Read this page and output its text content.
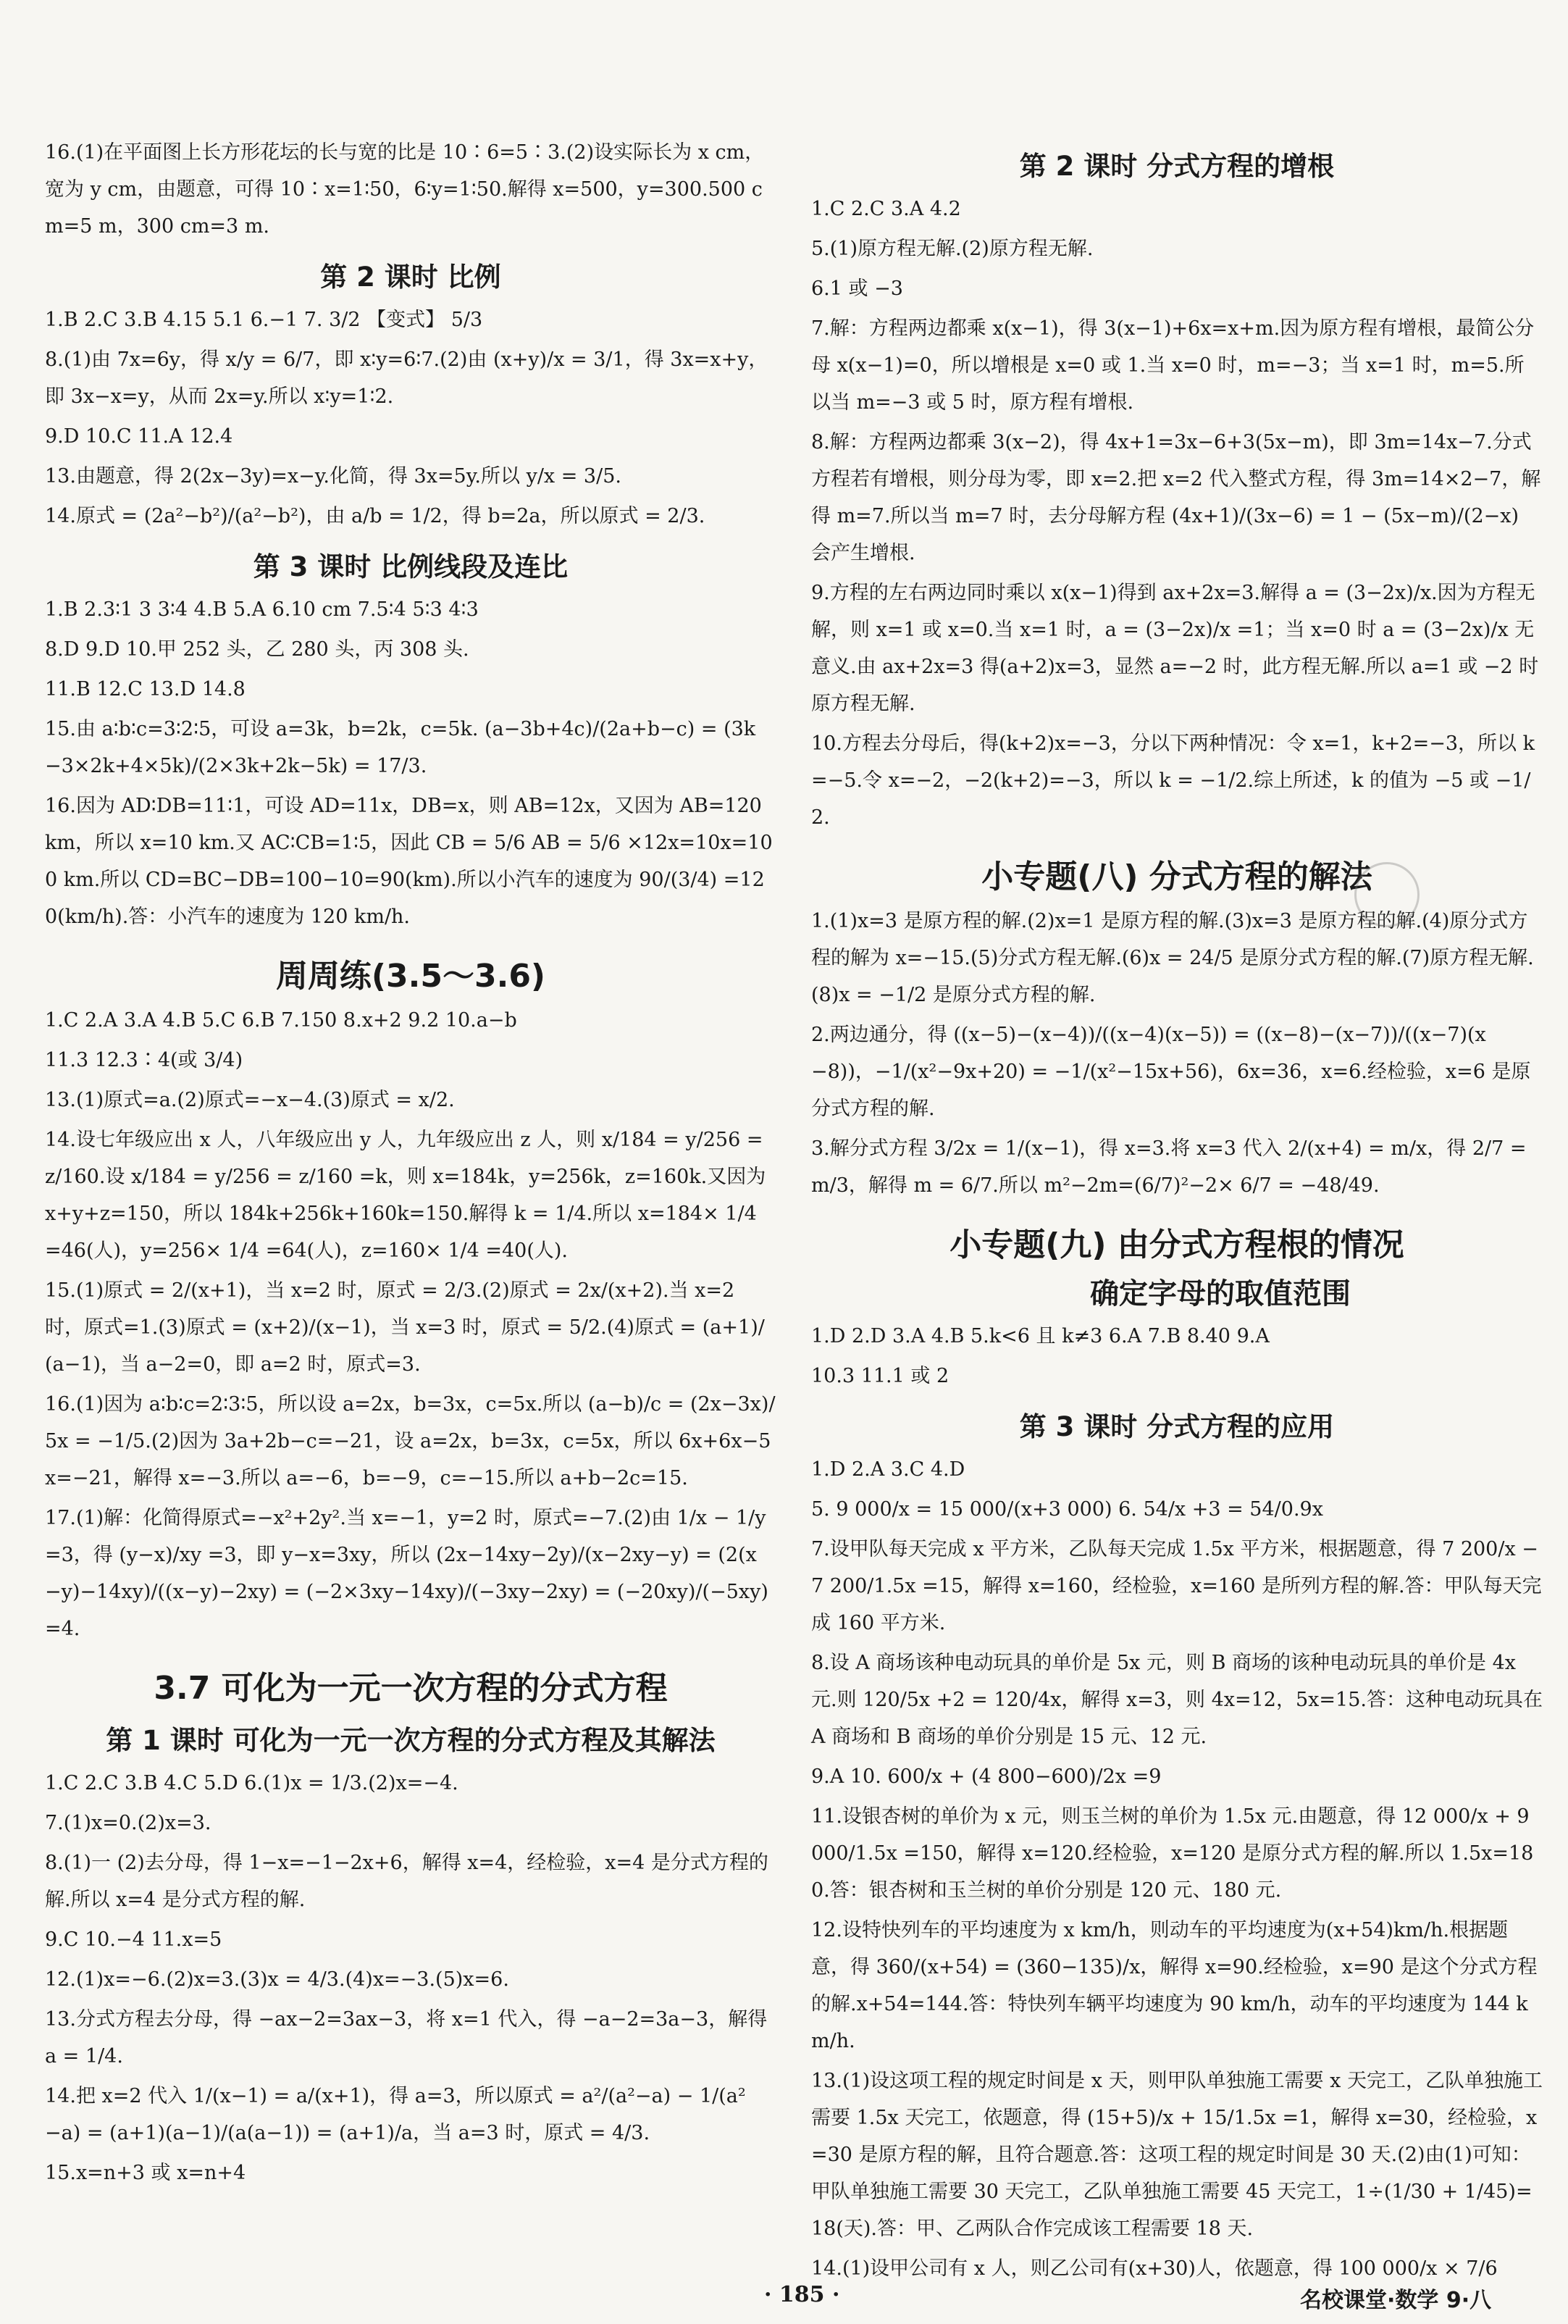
16.(1)在平面图上长方形花坛的长与宽的比是 10∶6=5∶3.(2)设实际长为 x cm，宽为 y cm，由题意，可得 10∶x=1∶50，6∶y=1∶50.解得 x=500，y=300.500 cm=5 m，300 cm=3 m.
第 2 课时 比例
1.B 2.C 3.B 4.15 5.1 6.−1 7. 3/2 【变式】 5/3
8.(1)由 7x=6y，得 x/y = 6/7，即 x∶y=6∶7.(2)由 (x+y)/x = 3/1，得 3x=x+y，即 3x−x=y，从而 2x=y.所以 x∶y=1∶2.
9.D 10.C 11.A 12.4
13.由题意，得 2(2x−3y)=x−y.化简，得 3x=5y.所以 y/x = 3/5.
14.原式 = (2a²−b²)/(a²−b²)，由 a/b = 1/2，得 b=2a，所以原式 = 2/3.
第 3 课时 比例线段及连比
1.B 2.3∶1 3 3∶4 4.B 5.A 6.10 cm 7.5∶4 5∶3 4∶3
8.D 9.D 10.甲 252 头，乙 280 头，丙 308 头.
11.B 12.C 13.D 14.8
15.由 a∶b∶c=3∶2∶5，可设 a=3k，b=2k，c=5k. (a−3b+4c)/(2a+b−c) = (3k−3×2k+4×5k)/(2×3k+2k−5k) = 17/3.
16.因为 AD∶DB=11∶1，可设 AD=11x，DB=x，则 AB=12x，又因为 AB=120 km，所以 x=10 km.又 AC∶CB=1∶5，因此 CB = 5/6 AB = 5/6 ×12x=10x=100 km.所以 CD=BC−DB=100−10=90(km).所以小汽车的速度为 90/(3/4) =120(km/h).答：小汽车的速度为 120 km/h.
周周练(3.5～3.6)
1.C 2.A 3.A 4.B 5.C 6.B 7.150 8.x+2 9.2 10.a−b
11.3 12.3∶4(或 3/4)
13.(1)原式=a.(2)原式=−x−4.(3)原式 = x/2.
14.设七年级应出 x 人，八年级应出 y 人，九年级应出 z 人，则 x/184 = y/256 = z/160.设 x/184 = y/256 = z/160 =k，则 x=184k，y=256k，z=160k.又因为 x+y+z=150，所以 184k+256k+160k=150.解得 k = 1/4.所以 x=184× 1/4 =46(人)，y=256× 1/4 =64(人)，z=160× 1/4 =40(人).
15.(1)原式 = 2/(x+1)，当 x=2 时，原式 = 2/3.(2)原式 = 2x/(x+2).当 x=2 时，原式=1.(3)原式 = (x+2)/(x−1)，当 x=3 时，原式 = 5/2.(4)原式 = (a+1)/(a−1)，当 a−2=0，即 a=2 时，原式=3.
16.(1)因为 a∶b∶c=2∶3∶5，所以设 a=2x，b=3x，c=5x.所以 (a−b)/c = (2x−3x)/5x = −1/5.(2)因为 3a+2b−c=−21，设 a=2x，b=3x，c=5x，所以 6x+6x−5x=−21，解得 x=−3.所以 a=−6，b=−9，c=−15.所以 a+b−2c=15.
17.(1)解：化简得原式=−x²+2y².当 x=−1，y=2 时，原式=−7.(2)由 1/x − 1/y =3，得 (y−x)/xy =3，即 y−x=3xy，所以 (2x−14xy−2y)/(x−2xy−y) = (2(x−y)−14xy)/((x−y)−2xy) = (−2×3xy−14xy)/(−3xy−2xy) = (−20xy)/(−5xy) =4.
3.7 可化为一元一次方程的分式方程
第 1 课时 可化为一元一次方程的分式方程及其解法
1.C 2.C 3.B 4.C 5.D 6.(1)x = 1/3.(2)x=−4.
7.(1)x=0.(2)x=3.
8.(1)一 (2)去分母，得 1−x=−1−2x+6，解得 x=4，经检验，x=4 是分式方程的解.所以 x=4 是分式方程的解.
9.C 10.−4 11.x=5
12.(1)x=−6.(2)x=3.(3)x = 4/3.(4)x=−3.(5)x=6.
13.分式方程去分母，得 −ax−2=3ax−3，将 x=1 代入，得 −a−2=3a−3，解得 a = 1/4.
14.把 x=2 代入 1/(x−1) = a/(x+1)，得 a=3，所以原式 = a²/(a²−a) − 1/(a²−a) = (a+1)(a−1)/(a(a−1)) = (a+1)/a，当 a=3 时，原式 = 4/3.
15.x=n+3 或 x=n+4
第 2 课时 分式方程的增根
1.C 2.C 3.A 4.2
5.(1)原方程无解.(2)原方程无解.
6.1 或 −3
7.解：方程两边都乘 x(x−1)，得 3(x−1)+6x=x+m.因为原方程有增根，最简公分母 x(x−1)=0，所以增根是 x=0 或 1.当 x=0 时，m=−3；当 x=1 时，m=5.所以当 m=−3 或 5 时，原方程有增根.
8.解：方程两边都乘 3(x−2)，得 4x+1=3x−6+3(5x−m)，即 3m=14x−7.分式方程若有增根，则分母为零，即 x=2.把 x=2 代入整式方程，得 3m=14×2−7，解得 m=7.所以当 m=7 时，去分母解方程 (4x+1)/(3x−6) = 1 − (5x−m)/(2−x) 会产生增根.
9.方程的左右两边同时乘以 x(x−1)得到 ax+2x=3.解得 a = (3−2x)/x.因为方程无解，则 x=1 或 x=0.当 x=1 时，a = (3−2x)/x =1；当 x=0 时 a = (3−2x)/x 无意义.由 ax+2x=3 得(a+2)x=3，显然 a=−2 时，此方程无解.所以 a=1 或 −2 时原方程无解.
10.方程去分母后，得(k+2)x=−3，分以下两种情况：令 x=1，k+2=−3，所以 k=−5.令 x=−2，−2(k+2)=−3，所以 k = −1/2.综上所述，k 的值为 −5 或 −1/2.
小专题(八) 分式方程的解法
1.(1)x=3 是原方程的解.(2)x=1 是原方程的解.(3)x=3 是原方程的解.(4)原分式方程的解为 x=−15.(5)分式方程无解.(6)x = 24/5 是原分式方程的解.(7)原方程无解.(8)x = −1/2 是原分式方程的解.
2.两边通分，得 ((x−5)−(x−4))/((x−4)(x−5)) = ((x−8)−(x−7))/((x−7)(x−8))，−1/(x²−9x+20) = −1/(x²−15x+56)，6x=36，x=6.经检验，x=6 是原分式方程的解.
3.解分式方程 3/2x = 1/(x−1)，得 x=3.将 x=3 代入 2/(x+4) = m/x，得 2/7 = m/3，解得 m = 6/7.所以 m²−2m=(6/7)²−2× 6/7 = −48/49.
小专题(九) 由分式方程根的情况
确定字母的取值范围
1.D 2.D 3.A 4.B 5.k<6 且 k≠3 6.A 7.B 8.40 9.A
10.3 11.1 或 2
第 3 课时 分式方程的应用
1.D 2.A 3.C 4.D
5. 9 000/x = 15 000/(x+3 000) 6. 54/x +3 = 54/0.9x
7.设甲队每天完成 x 平方米，乙队每天完成 1.5x 平方米，根据题意，得 7 200/x − 7 200/1.5x =15，解得 x=160，经检验，x=160 是所列方程的解.答：甲队每天完成 160 平方米.
8.设 A 商场该种电动玩具的单价是 5x 元，则 B 商场的该种电动玩具的单价是 4x 元.则 120/5x +2 = 120/4x，解得 x=3，则 4x=12，5x=15.答：这种电动玩具在 A 商场和 B 商场的单价分别是 15 元、12 元.
9.A 10. 600/x + (4 800−600)/2x =9
11.设银杏树的单价为 x 元，则玉兰树的单价为 1.5x 元.由题意，得 12 000/x + 9 000/1.5x =150，解得 x=120.经检验，x=120 是原分式方程的解.所以 1.5x=180.答：银杏树和玉兰树的单价分别是 120 元、180 元.
12.设特快列车的平均速度为 x km/h，则动车的平均速度为(x+54)km/h.根据题意，得 360/(x+54) = (360−135)/x，解得 x=90.经检验，x=90 是这个分式方程的解.x+54=144.答：特快列车辆平均速度为 90 km/h，动车的平均速度为 144 km/h.
13.(1)设这项工程的规定时间是 x 天，则甲队单独施工需要 x 天完工，乙队单独施工需要 1.5x 天完工，依题意，得 (15+5)/x + 15/1.5x =1，解得 x=30，经检验，x=30 是原方程的解，且符合题意.答：这项工程的规定时间是 30 天.(2)由(1)可知：甲队单独施工需要 30 天完工，乙队单独施工需要 45 天完工，1÷(1/30 + 1/45)=18(天).答：甲、乙两队合作完成该工程需要 18 天.
14.(1)设甲公司有 x 人，则乙公司有(x+30)人，依题意，得 100 000/x × 7/6
· 185 ·	名校课堂·数学 9·八
